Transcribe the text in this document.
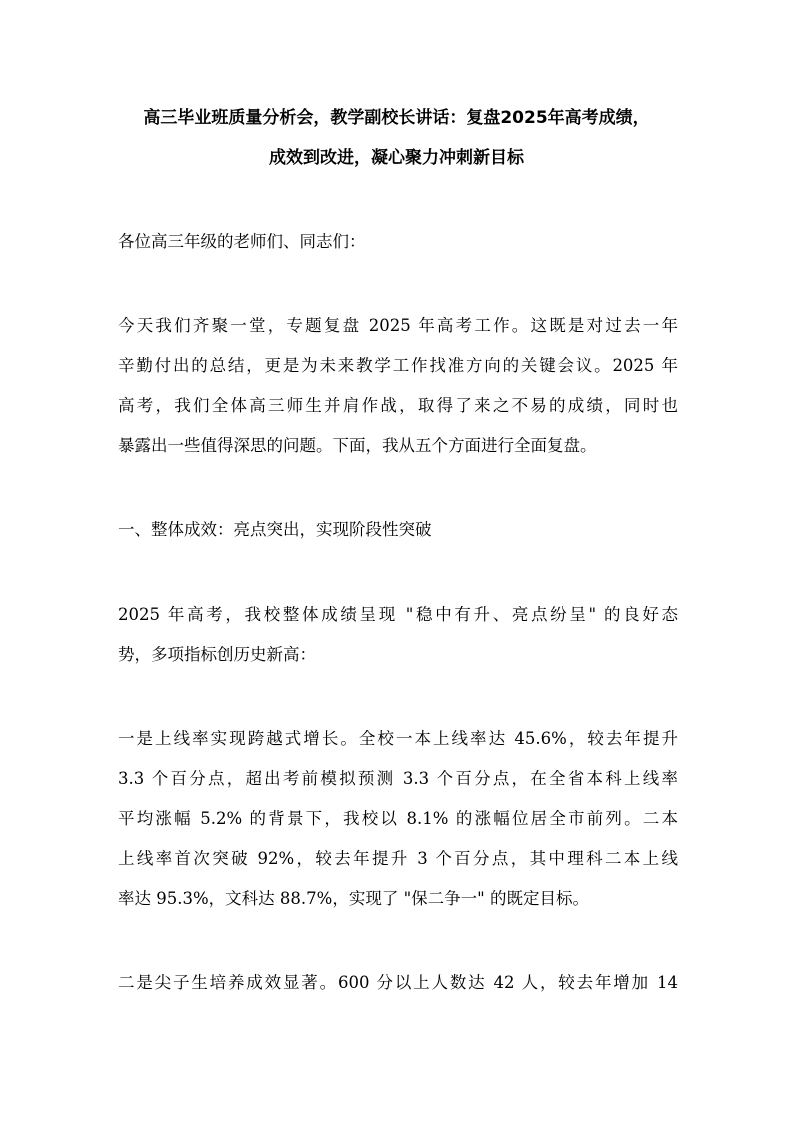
高三毕业班质量分析会，教学副校长讲话：复盘2025年高考成绩，
成效到改进，凝心聚力冲刺新目标
各位高三年级的老师们、同志们：
今天我们齐聚一堂，专题复盘 2025 年高考工作。这既是对过去一年
辛勤付出的总结，更是为未来教学工作找准方向的关键会议。2025 年
高考，我们全体高三师生并肩作战，取得了来之不易的成绩，同时也
暴露出一些值得深思的问题。下面，我从五个方面进行全面复盘。
一、整体成效：亮点突出，实现阶段性突破
2025 年高考，我校整体成绩呈现 "稳中有升、亮点纷呈" 的良好态
势，多项指标创历史新高：
一是上线率实现跨越式增长。全校一本上线率达 45.6%，较去年提升
3.3 个百分点，超出考前模拟预测 3.3 个百分点，在全省本科上线率
平均涨幅 5.2% 的背景下，我校以 8.1% 的涨幅位居全市前列。二本
上线率首次突破 92%，较去年提升 3 个百分点，其中理科二本上线
率达 95.3%，文科达 88.7%，实现了 "保二争一" 的既定目标。
二是尖子生培养成效显著。600 分以上人数达 42 人，较去年增加 14
